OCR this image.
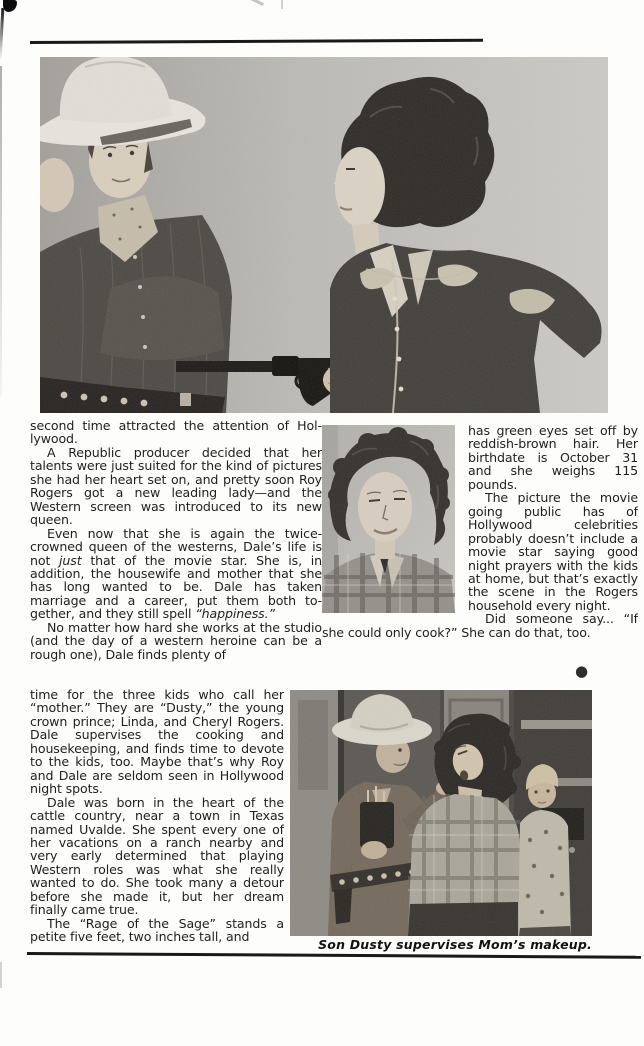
second time attracted the attention of Hollywood.

A Republic producer decided that her talents were just suited for the kind of pictures she had her heart set on, and pretty soon Roy Rogers got a new leading lady—and the Western screen was introduced to its new queen.

Even now that she is again the twice-crowned queen of the westerns, Dale’s life is not just that of the movie star. She is, in addition, the housewife and mother that she has long wanted to be. Dale has taken marriage and a career, put them both together, and they still spell “happiness.”

No matter how hard she works at the studio (and the day of a western heroine can be a rough one), Dale finds plenty of

time for the three kids who call her “mother.” They are “Dusty,” the young crown prince; Linda, and Cheryl Rogers. Dale supervises the cooking and housekeeping, and finds time to devote to the kids, too. Maybe that’s why Roy and Dale are seldom seen in Hollywood night spots.

Dale was born in the heart of the cattle country, near a town in Texas named Uvalde. She spent every one of her vacations on a ranch nearby and very early determined that playing Western roles was what she really wanted to do. She took many a detour before she made it, but her dream finally came true.

The “Rage of the Sage” stands a petite five feet, two inches tall, and

has green eyes set off by reddish-brown hair. Her birthdate is October 31 and she weighs 115 pounds.

The picture the movie going public has of Hollywood celebrities probably doesn’t include a movie star saying good night prayers with the kids at home, but that’s exactly the scene in the Rogers household every night.

Did someone say... “If she could only cook?” She can do that, too.

●
Son Dusty supervises Mom’s makeup.
